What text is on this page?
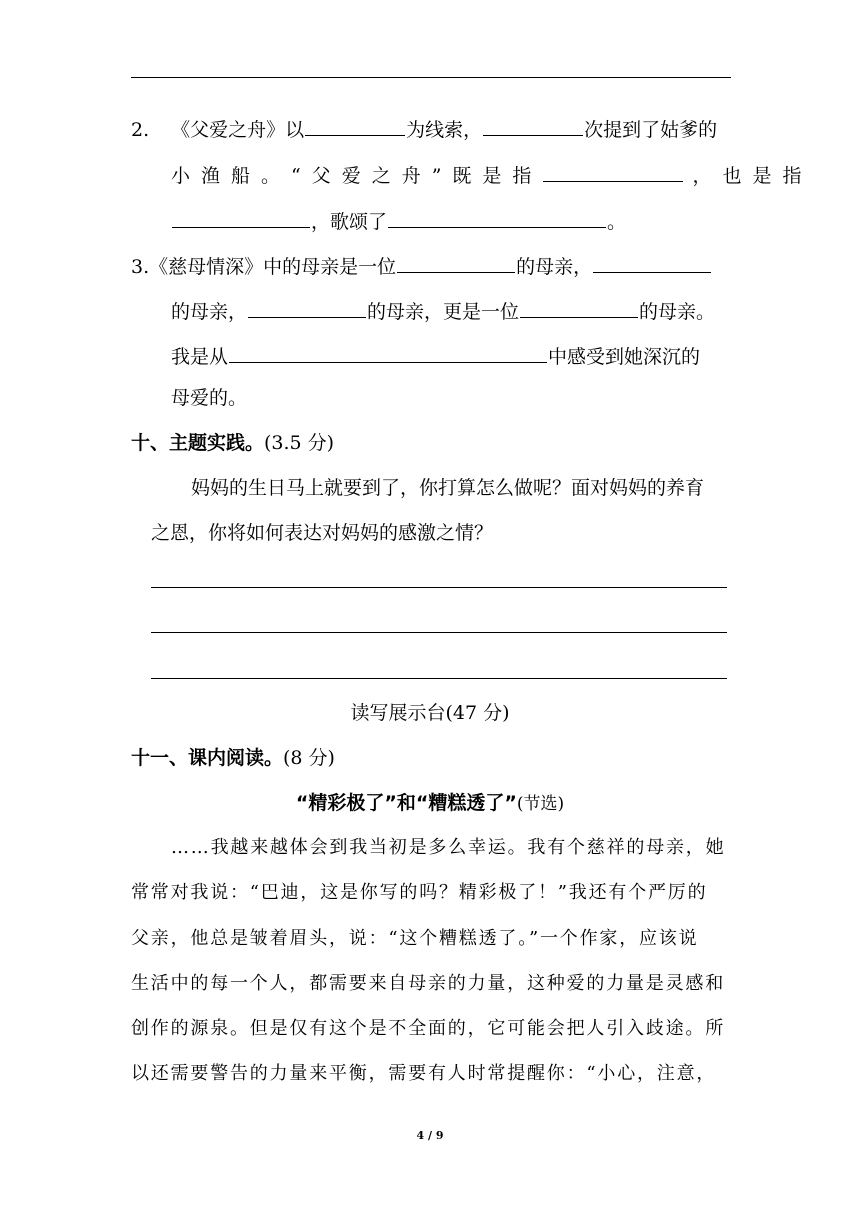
2. 《父爱之舟》以	为线索，	次提到了姑爹的
小渔船。“父爱之舟”既是指	，也是指
，歌颂了	。
3.《慈母情深》中的母亲是一位	的母亲，
的母亲，	的母亲，更是一位	的母亲。
我是从	中感受到她深沉的
母爱的。
十、主题实践。(3.5 分)
妈妈的生日马上就要到了，你打算怎么做呢？面对妈妈的养育
之恩，你将如何表达对妈妈的感激之情？
读写展示台(47 分)
十一、课内阅读。(8 分)
“精彩极了”和“糟糕透了”(节选)
……我越来越体会到我当初是多么幸运。我有个慈祥的母亲，她
常常对我说：“巴迪，这是你写的吗？精彩极了！”我还有个严厉的
父亲，他总是皱着眉头，说：“这个糟糕透了。”一个作家，应该说
生活中的每一个人，都需要来自母亲的力量，这种爱的力量是灵感和
创作的源泉。但是仅有这个是不全面的，它可能会把人引入歧途。所
以还需要警告的力量来平衡，需要有人时常提醒你：“小心，注意，
4 / 9
